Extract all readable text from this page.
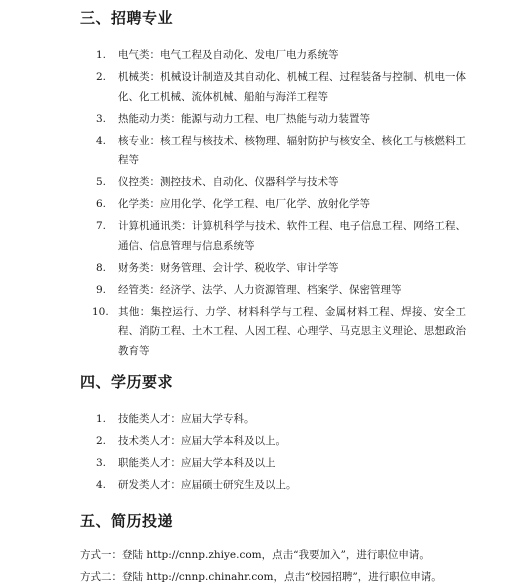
三、招聘专业
1.	电气类：电气工程及自动化、发电厂电力系统等
2.	机械类：机械设计制造及其自动化、机械工程、过程装备与控制、机电一体化、化工机械、流体机械、船舶与海洋工程等
3.	热能动力类：能源与动力工程、电厂热能与动力装置等
4.	核专业：核工程与核技术、核物理、辐射防护与核安全、核化工与核燃料工程等
5.	仪控类：测控技术、自动化、仪器科学与技术等
6.	化学类：应用化学、化学工程、电厂化学、放射化学等
7.	计算机通讯类：计算机科学与技术、软件工程、电子信息工程、网络工程、通信、信息管理与信息系统等
8.	财务类：财务管理、会计学、税收学、审计学等
9.	经管类：经济学、法学、人力资源管理、档案学、保密管理等
10. 其他：集控运行、力学、材料科学与工程、金属材料工程、焊接、安全工程、消防工程、土木工程、人因工程、心理学、马克思主义理论、思想政治教育等
四、学历要求
1.	技能类人才：应届大学专科。
2.	技术类人才：应届大学本科及以上。
3.	职能类人才：应届大学本科及以上
4.	研发类人才：应届硕士研究生及以上。
五、简历投递
方式一：登陆 http://cnnp.zhiye.com，点击“我要加入”，进行职位申请。
方式二：登陆 http://cnnp.chinahr.com，点击“校园招聘”，进行职位申请。
